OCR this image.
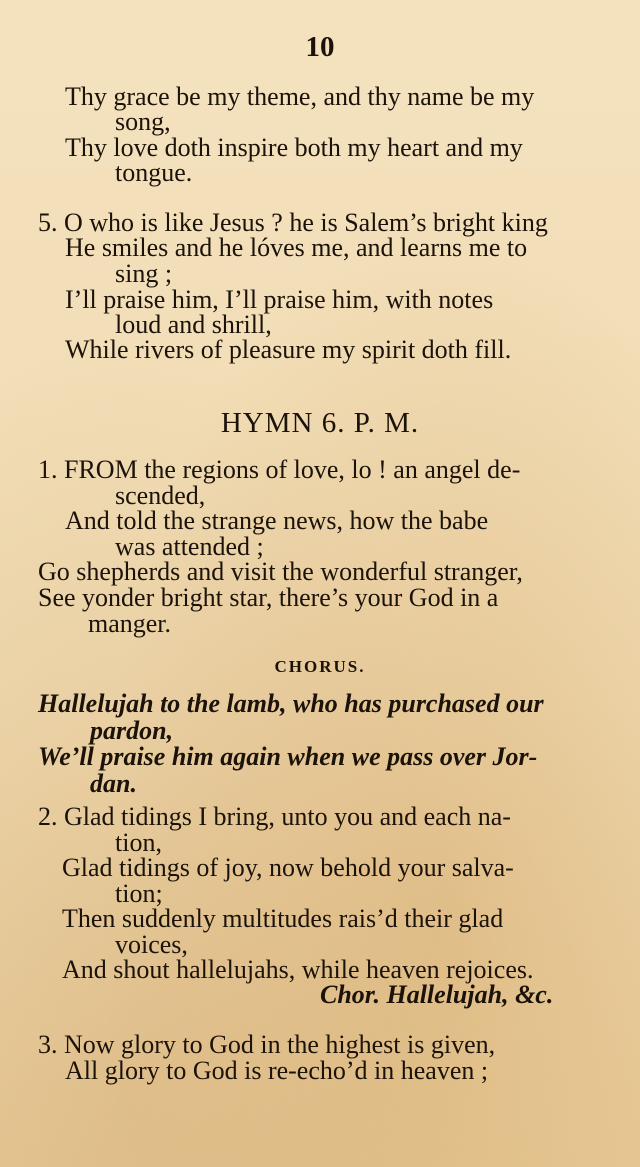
10
Thy grace be my theme, and thy name be my
song,
Thy love doth inspire both my heart and my
tongue.
5. O who is like Jesus ? he is Salem’s bright king
He smiles and he lóves me, and learns me to
sing ;
I’ll praise him, I’ll praise him, with notes
loud and shrill,
While rivers of pleasure my spirit doth fill.
HYMN 6. P. M.
1. FROM the regions of love, lo ! an angel de-
scended,
And told the strange news, how the babe
was attended ;
Go shepherds and visit the wonderful stranger,
See yonder bright star, there’s your God in a
manger.
CHORUS.
Hallelujah to the lamb, who has purchased our
pardon,
We’ll praise him again when we pass over Jor-
dan.
2. Glad tidings I bring, unto you and each na-
tion,
Glad tidings of joy, now behold your salva-
tion;
Then suddenly multitudes rais’d their glad
voices,
And shout hallelujahs, while heaven rejoices.
Chor. Hallelujah, &c.
3. Now glory to God in the highest is given,
All glory to God is re-echo’d in heaven ;
